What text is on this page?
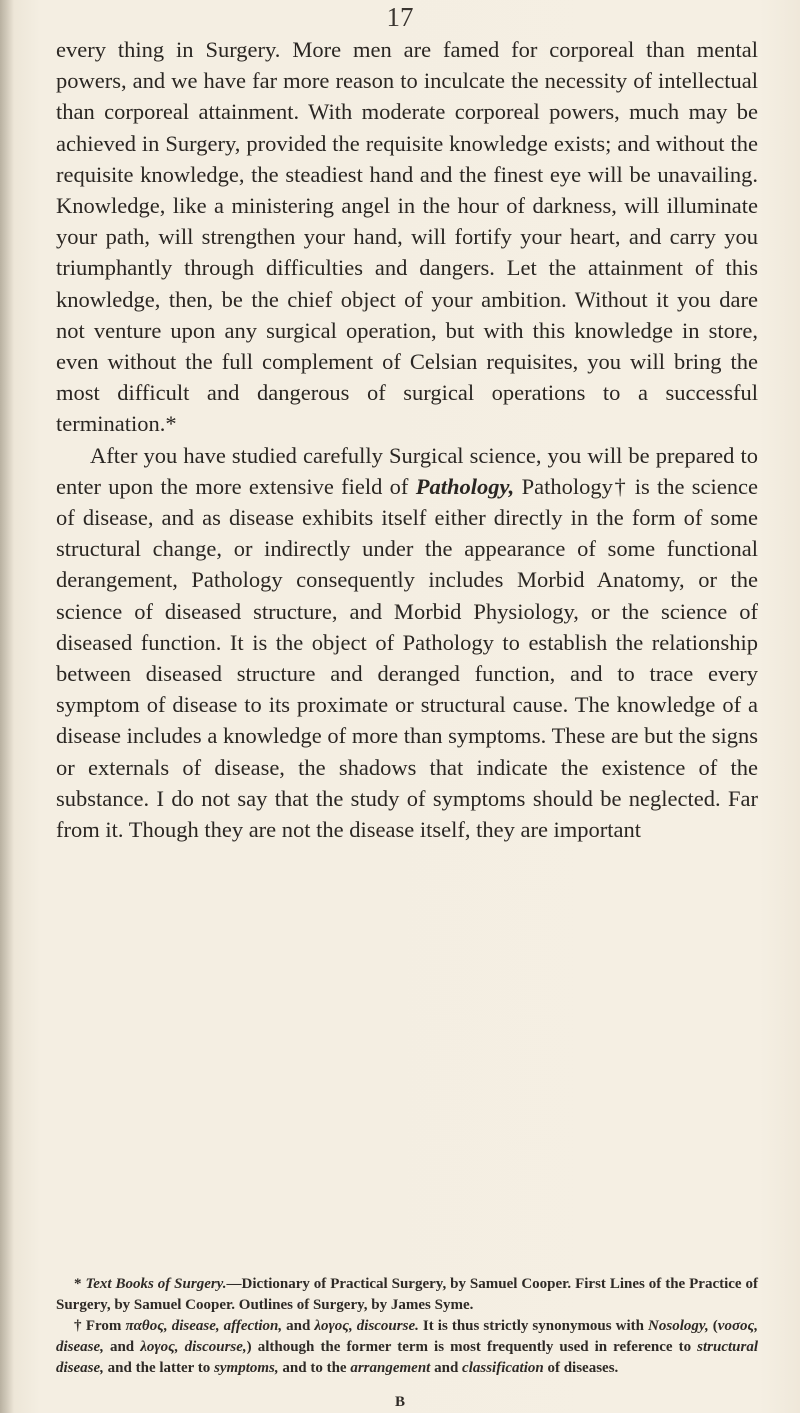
17

every thing in Surgery. More men are famed for corporeal than mental powers, and we have far more reason to inculcate the necessity of intellectual than corporeal attainment. With moderate corporeal powers, much may be achieved in Surgery, provided the requisite knowledge exists; and without the requisite knowledge, the steadiest hand and the finest eye will be unavailing. Knowledge, like a ministering angel in the hour of darkness, will illuminate your path, will strengthen your hand, will fortify your heart, and carry you triumphantly through difficulties and dangers. Let the attainment of this knowledge, then, be the chief object of your ambition. Without it you dare not venture upon any surgical operation, but with this knowledge in store, even without the full complement of Celsian requisites, you will bring the most difficult and dangerous of surgical operations to a successful termination.*

After you have studied carefully Surgical science, you will be prepared to enter upon the more extensive field of Pathology, Pathology† is the science of disease, and as disease exhibits itself either directly in the form of some structural change, or indirectly under the appearance of some functional derangement, Pathology consequently includes Morbid Anatomy, or the science of diseased structure, and Morbid Physiology, or the science of diseased function. It is the object of Pathology to establish the relationship between diseased structure and deranged function, and to trace every symptom of disease to its proximate or structural cause. The knowledge of a disease includes a knowledge of more than symptoms. These are but the signs or externals of disease, the shadows that indicate the existence of the substance. I do not say that the study of symptoms should be neglected. Far from it. Though they are not the disease itself, they are important

* Text Books of Surgery.—Dictionary of Practical Surgery, by Samuel Cooper. First Lines of the Practice of Surgery, by Samuel Cooper. Outlines of Surgery, by James Syme.

† From παθος, disease, affection, and λογος, discourse. It is thus strictly synonymous with Nosology, (νοσος, disease, and λογος, discourse,) although the former term is most frequently used in reference to structural disease, and the latter to symptoms, and to the arrangement and classification of diseases.

B
